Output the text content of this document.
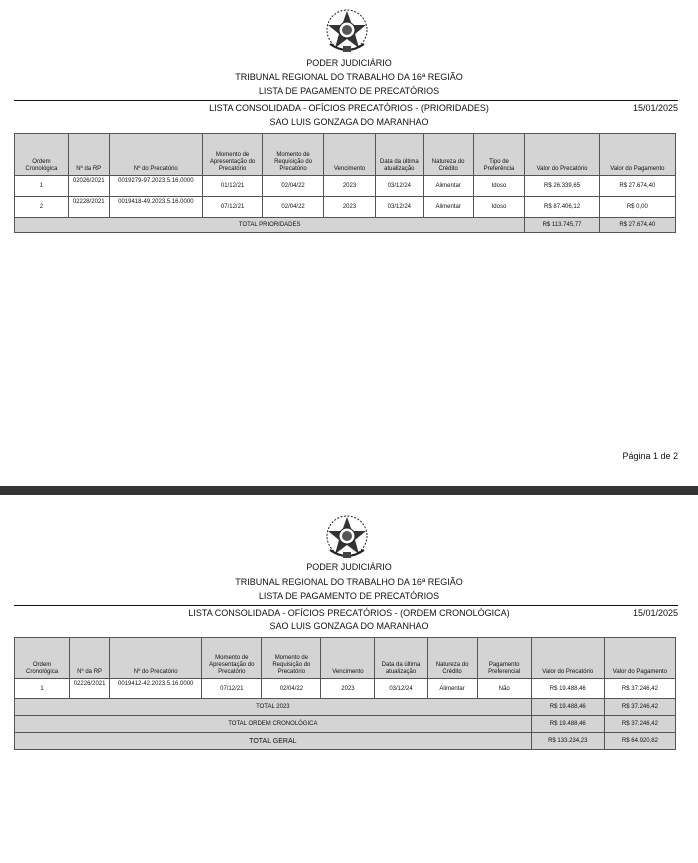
PODER JUDICIÁRIO
TRIBUNAL REGIONAL DO TRABALHO DA 16ª REGIÃO
LISTA DE PAGAMENTO DE PRECATÓRIOS
LISTA CONSOLIDADA - OFÍCIOS PRECATÓRIOS - (PRIORIDADES)	15/01/2025
SAO LUIS GONZAGA DO MARANHAO
Ordem Cronológica	Nº da RP	Nº do Precatório	Momento de Apresentação do Precatório	Momento de Requisição do Precatório	Vencimento	Data da última atualização	Natureza do Crédito	Tipo de Preferência	Valor do Precatório	Valor do Pagamento
1	02026/2021	0019279-97.2023.5.16.0000	01/12/21	02/04/22	2023	03/12/24	Alimentar	Idoso	R$ 26.339,65	R$ 27.674,40
2	02228/2021	0019418-49.2023.5.16.0000	07/12/21	02/04/22	2023	03/12/24	Alimentar	Idoso	R$ 87.406,12	R$ 0,00
TOTAL PRIORIDADES									R$ 113.745,77	R$ 27.674,40
Página 1 de 2
PODER JUDICIÁRIO
TRIBUNAL REGIONAL DO TRABALHO DA 16ª REGIÃO
LISTA DE PAGAMENTO DE PRECATÓRIOS
LISTA CONSOLIDADA - OFÍCIOS PRECATÓRIOS - (ORDEM CRONOLÓGICA)	15/01/2025
SAO LUIS GONZAGA DO MARANHAO
Ordem Cronológica	Nº da RP	Nº do Precatório	Momento de Apresentação do Precatório	Momento de Requisição do Precatório	Vencimento	Data da última atualização	Natureza do Crédito	Pagamento Preferencial	Valor do Precatório	Valor do Pagamento
1	02226/2021	0019412-42.2023.5.16.0000	07/12/21	02/04/22	2023	03/12/24	Alimentar	Não	R$ 19.488,46	R$ 37.246,42
TOTAL 2023									R$ 19.488,46	R$ 37.246,42
TOTAL ORDEM CRONOLÓGICA									R$ 19.488,46	R$ 37.246,42
TOTAL GERAL									R$ 133.234,23	R$ 64.920,82
